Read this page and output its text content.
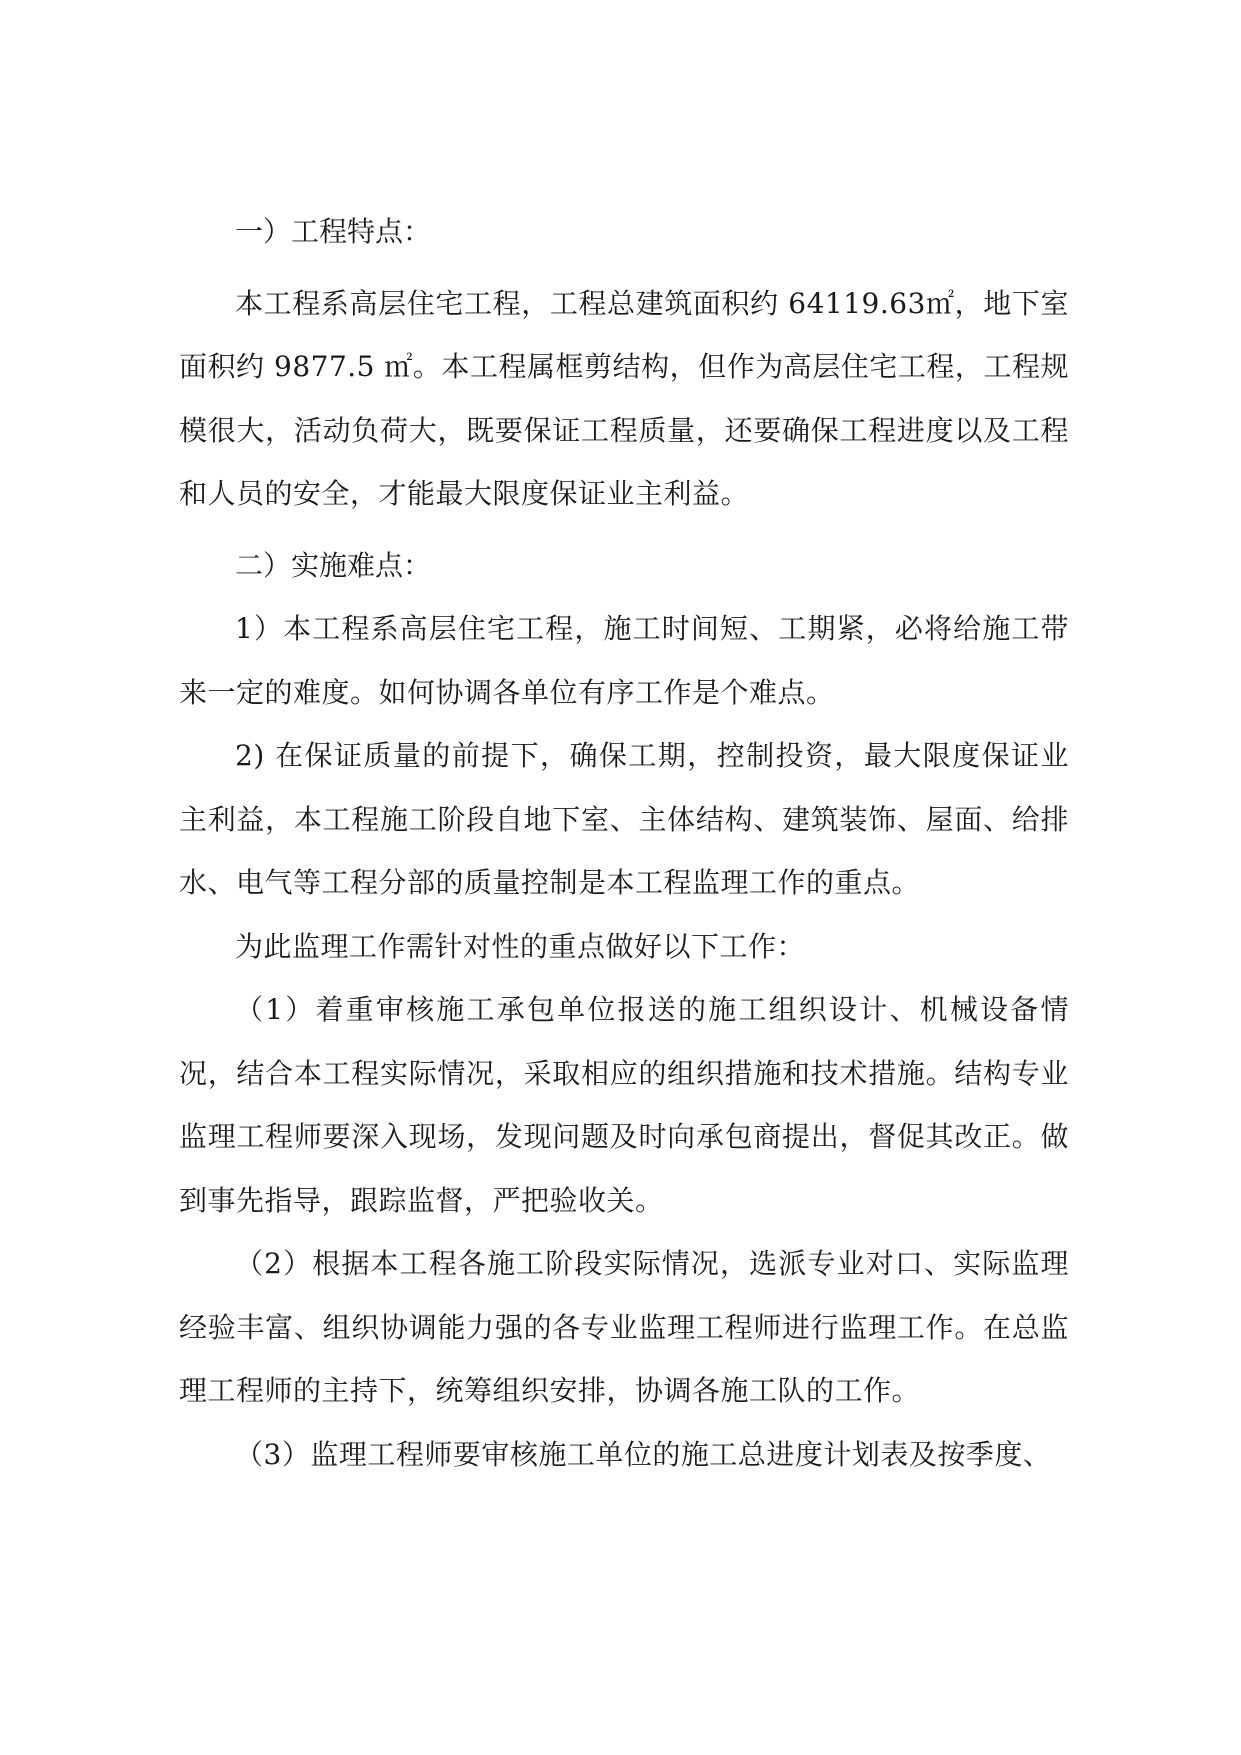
一）工程特点：

本工程系高层住宅工程，工程总建筑面积约 64119.63㎡，地下室面积约 9877.5 ㎡。本工程属框剪结构，但作为高层住宅工程，工程规模很大，活动负荷大，既要保证工程质量，还要确保工程进度以及工程和人员的安全，才能最大限度保证业主利益。

二）实施难点：

1）本工程系高层住宅工程，施工时间短、工期紧，必将给施工带来一定的难度。如何协调各单位有序工作是个难点。

2) 在保证质量的前提下，确保工期，控制投资，最大限度保证业主利益，本工程施工阶段自地下室、主体结构、建筑装饰、屋面、给排水、电气等工程分部的质量控制是本工程监理工作的重点。

为此监理工作需针对性的重点做好以下工作：

（1）着重审核施工承包单位报送的施工组织设计、机械设备情况，结合本工程实际情况，采取相应的组织措施和技术措施。结构专业监理工程师要深入现场，发现问题及时向承包商提出，督促其改正。做到事先指导，跟踪监督，严把验收关。

（2）根据本工程各施工阶段实际情况，选派专业对口、实际监理经验丰富、组织协调能力强的各专业监理工程师进行监理工作。在总监理工程师的主持下，统筹组织安排，协调各施工队的工作。

（3）监理工程师要审核施工单位的施工总进度计划表及按季度、
